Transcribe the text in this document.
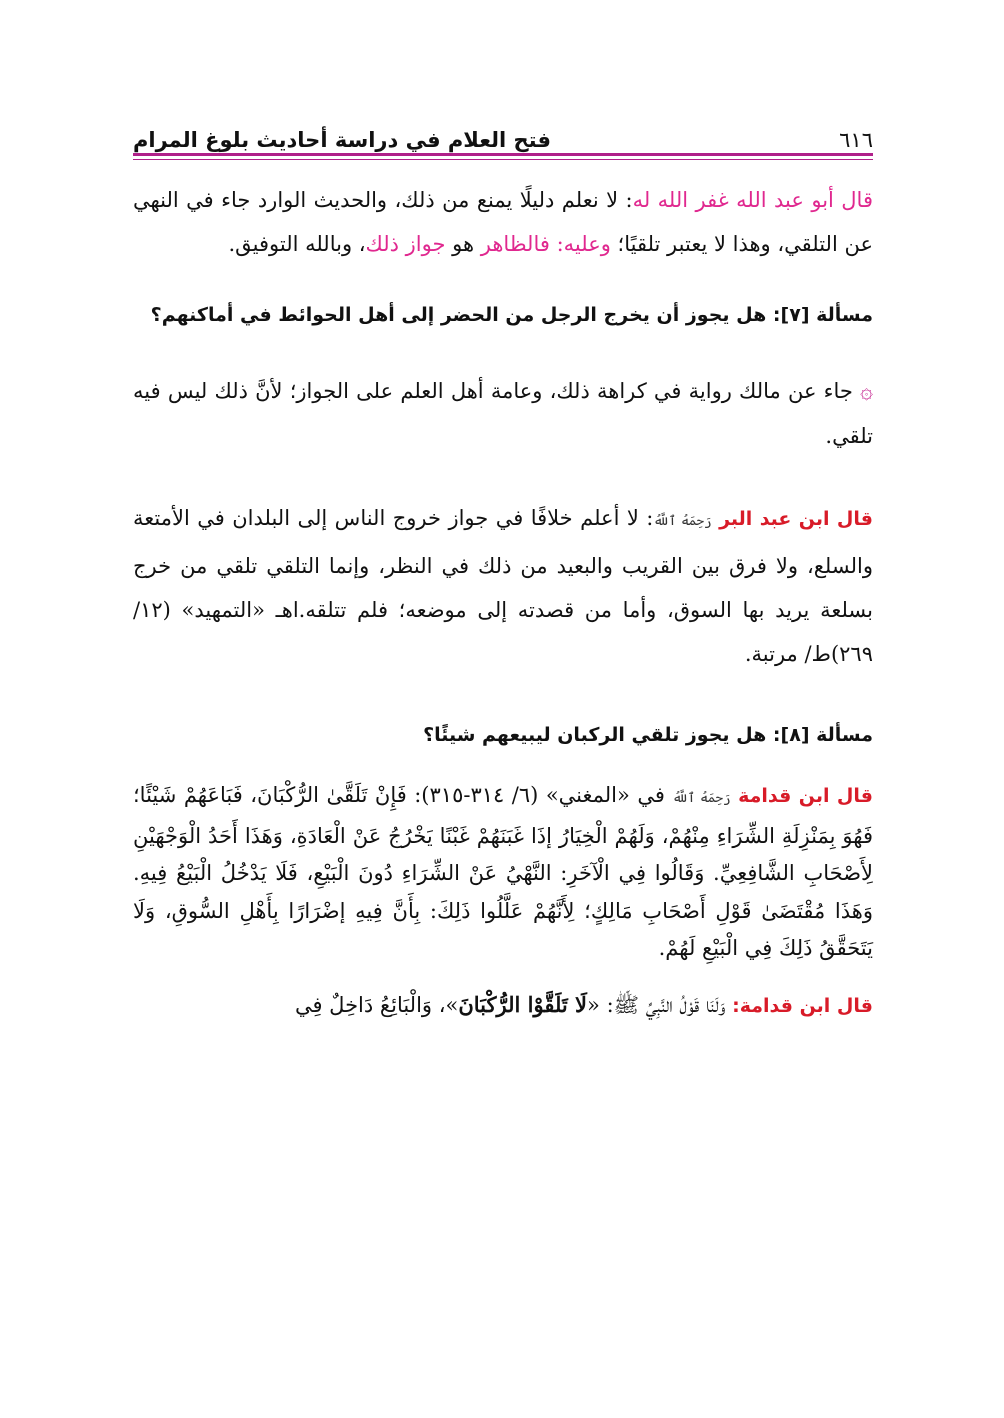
٦١٦
فتح العلام في دراسة أحاديث بلوغ المرام

قال أبو عبد الله غفر الله له: لا نعلم دليلًا يمنع من ذلك، والحديث الوارد جاء في النهي عن التلقي، وهذا لا يعتبر تلقيًا؛ وعليه: فالظاهر هو جواز ذلك، وبالله التوفيق.

مسألة [٧]: هل يجوز أن يخرج الرجل من الحضر إلى أهل الحوائط في أماكنهم؟

۞ جاء عن مالك رواية في كراهة ذلك، وعامة أهل العلم على الجواز؛ لأنَّ ذلك ليس فيه تلقي.

قال ابن عبد البر رَحِمَهُ ٱللَّهُ: لا أعلم خلافًا في جواز خروج الناس إلى البلدان في الأمتعة والسلع، ولا فرق بين القريب والبعيد من ذلك في النظر، وإنما التلقي تلقي من خرج بسلعة يريد بها السوق، وأما من قصدته إلى موضعه؛ فلم تتلقه.اهـ «التمهيد» (١٢/ ٢٦٩)ط/ مرتبة.

مسألة [٨]: هل يجوز تلقي الركبان ليبيعهم شيئًا؟

قال ابن قدامة رَحِمَهُ ٱللَّهُ في «المغني» (٦/ ٣١٤-٣١٥): فَإِنْ تَلَقَّىٰ الرُّكْبَانَ، فَبَاعَهُمْ شَيْئًا؛ فَهُوَ بِمَنْزِلَةِ الشِّرَاءِ مِنْهُمْ، وَلَهُمْ الْخِيَارُ إذَا غَبَنَهُمْ غَبْنًا يَخْرُجُ عَنْ الْعَادَةِ، وَهَذَا أَحَدُ الْوَجْهَيْنِ لِأَصْحَابِ الشَّافِعِيِّ. وَقَالُوا فِي الْآخَرِ: النَّهْيُ عَنْ الشِّرَاءِ دُونَ الْبَيْعِ، فَلَا يَدْخُلُ الْبَيْعُ فِيهِ. وَهَذَا مُقْتَضَىٰ قَوْلِ أَصْحَابِ مَالِكٍ؛ لِأَنَّهُمْ عَلَّلُوا ذَلِكَ: بِأَنَّ فِيهِ إضْرَارًا بِأَهْلِ السُّوقِ، وَلَا يَتَحَقَّقُ ذَلِكَ فِي الْبَيْعِ لَهُمْ.

قال ابن قدامة: وَلَنَا قَوْلُ النَّبِيِّ ﷺ: «لَا تَلَقَّوْا الرُّكْبَانَ»، وَالْبَائِعُ دَاخِلٌ فِي
